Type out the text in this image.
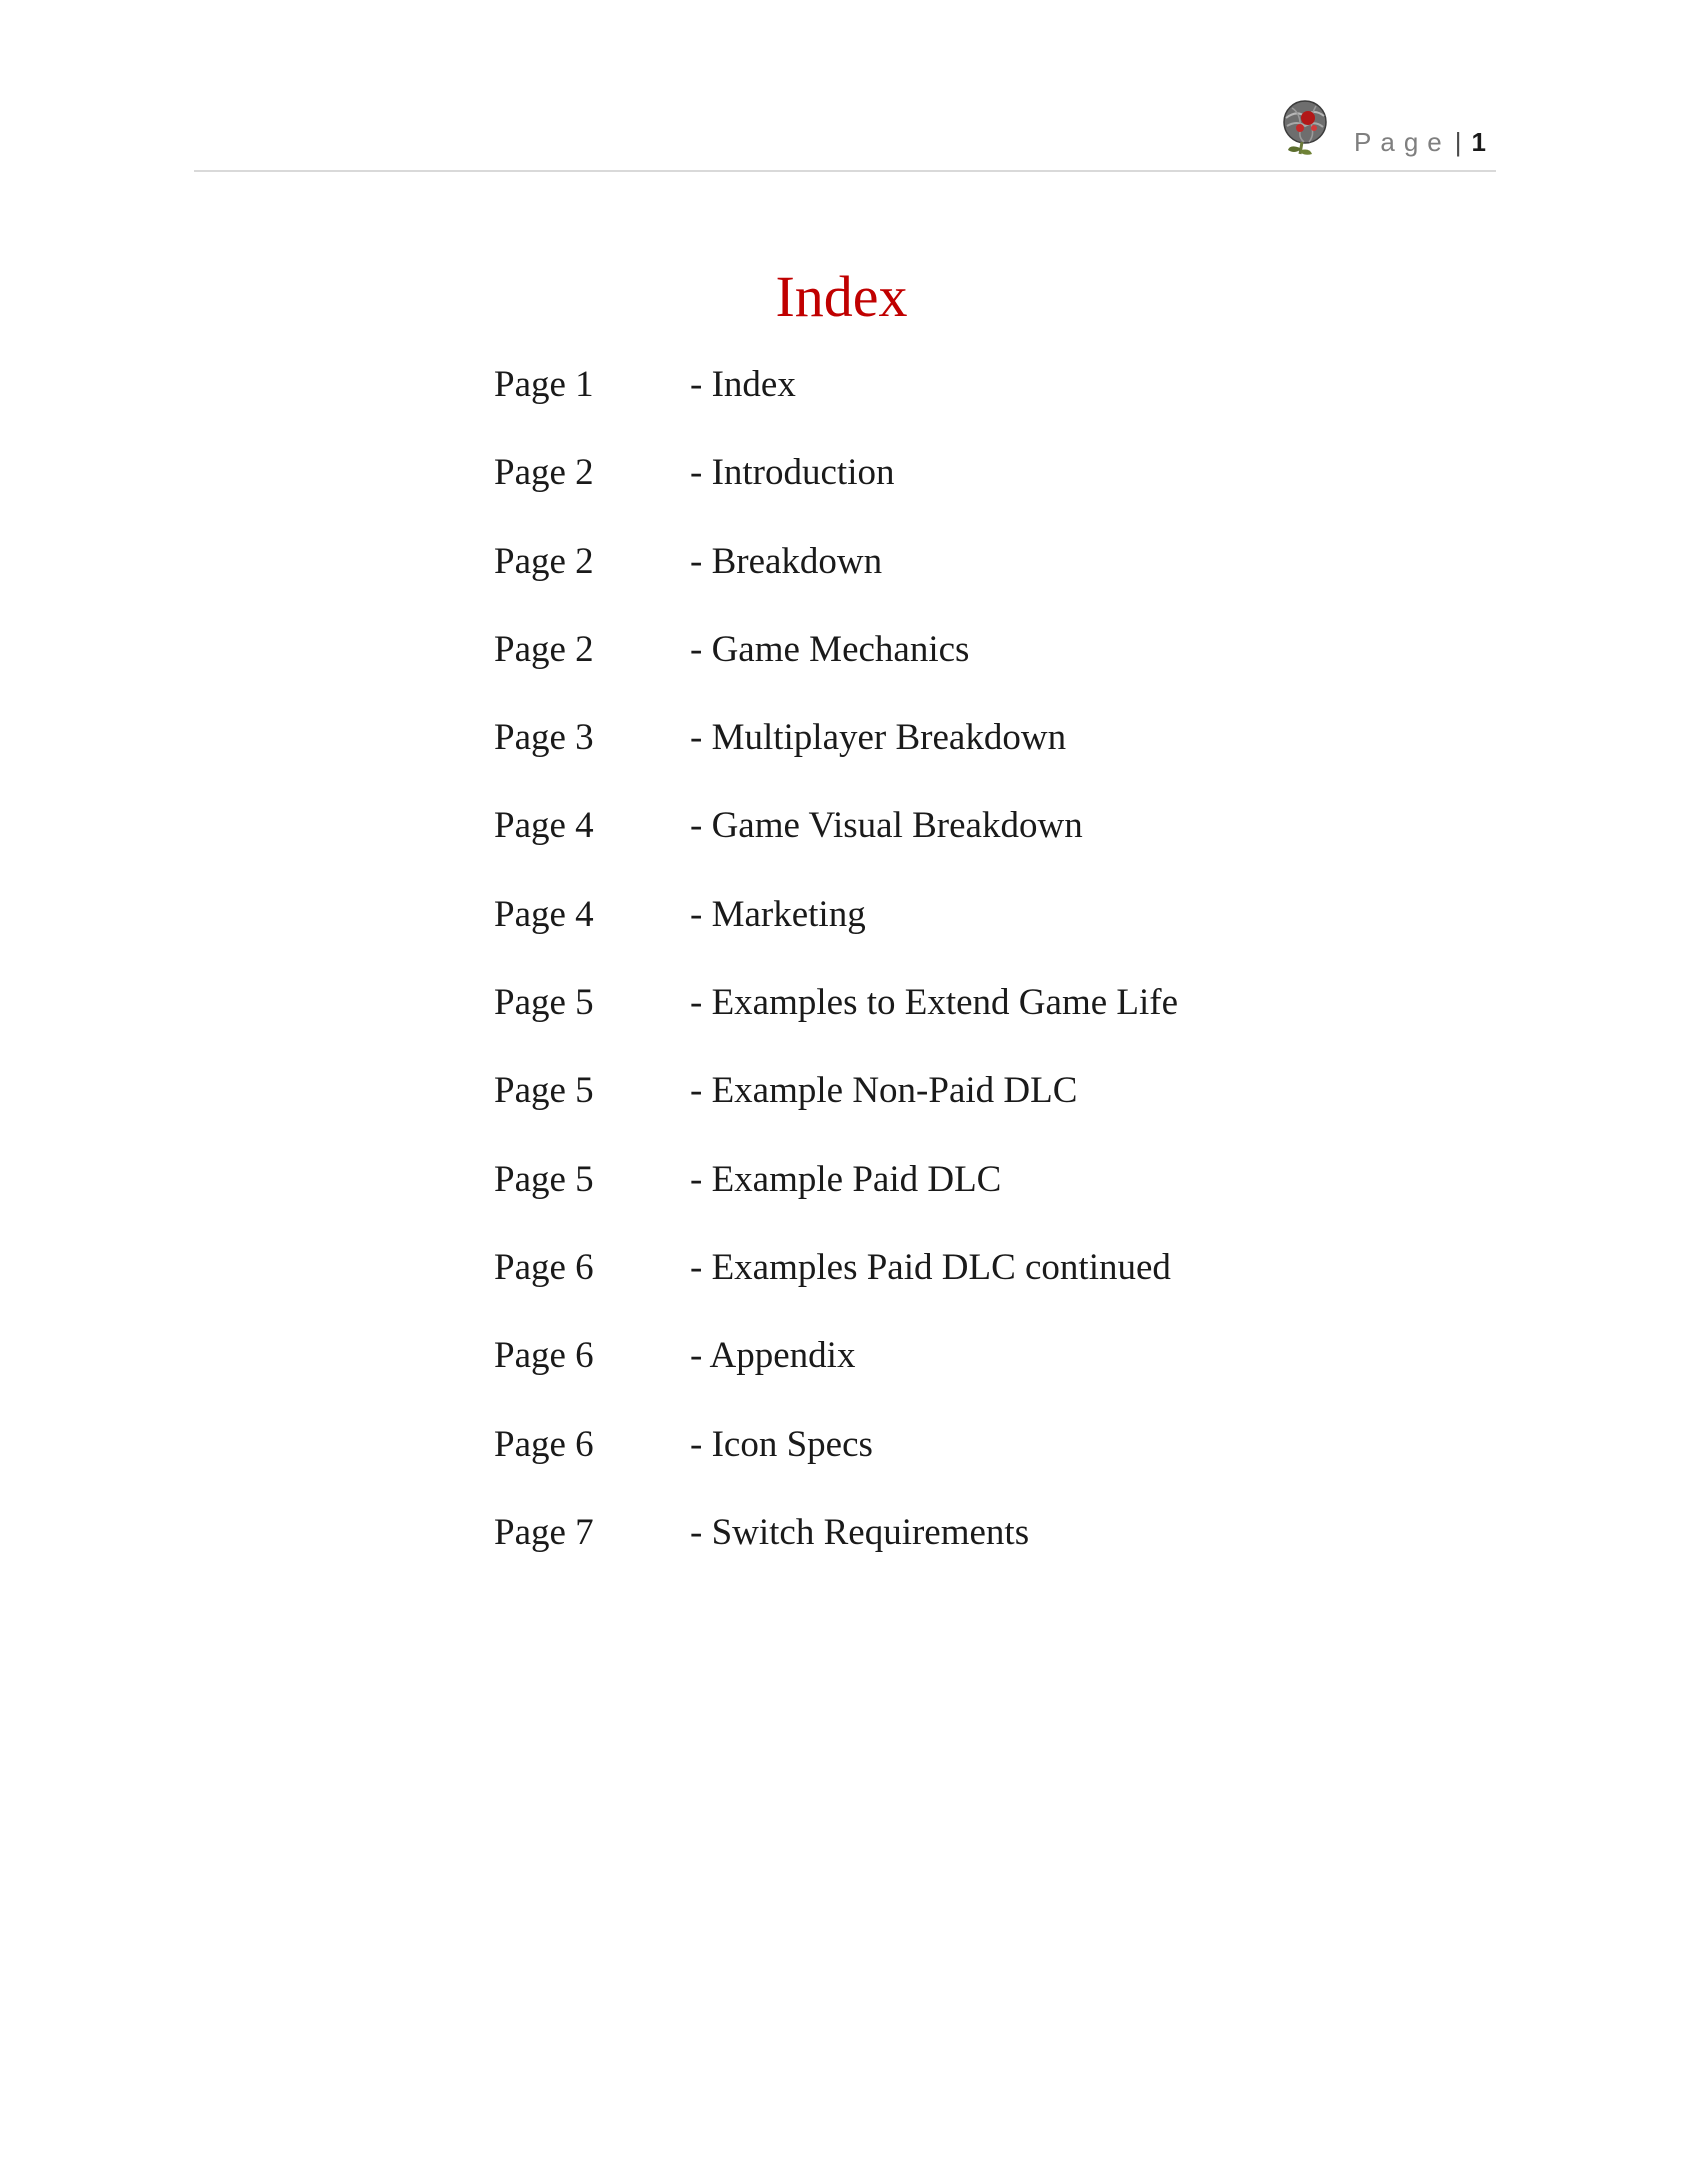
Page | 1
Index
Page 1	- Index
Page 2	- Introduction
Page 2	- Breakdown
Page 2	- Game Mechanics
Page 3	- Multiplayer Breakdown
Page 4	- Game Visual Breakdown
Page 4	- Marketing
Page 5	- Examples to Extend Game Life
Page 5	- Example Non-Paid DLC
Page 5	- Example Paid DLC
Page 6	- Examples Paid DLC continued
Page 6	- Appendix
Page 6	- Icon Specs
Page 7	- Switch Requirements
